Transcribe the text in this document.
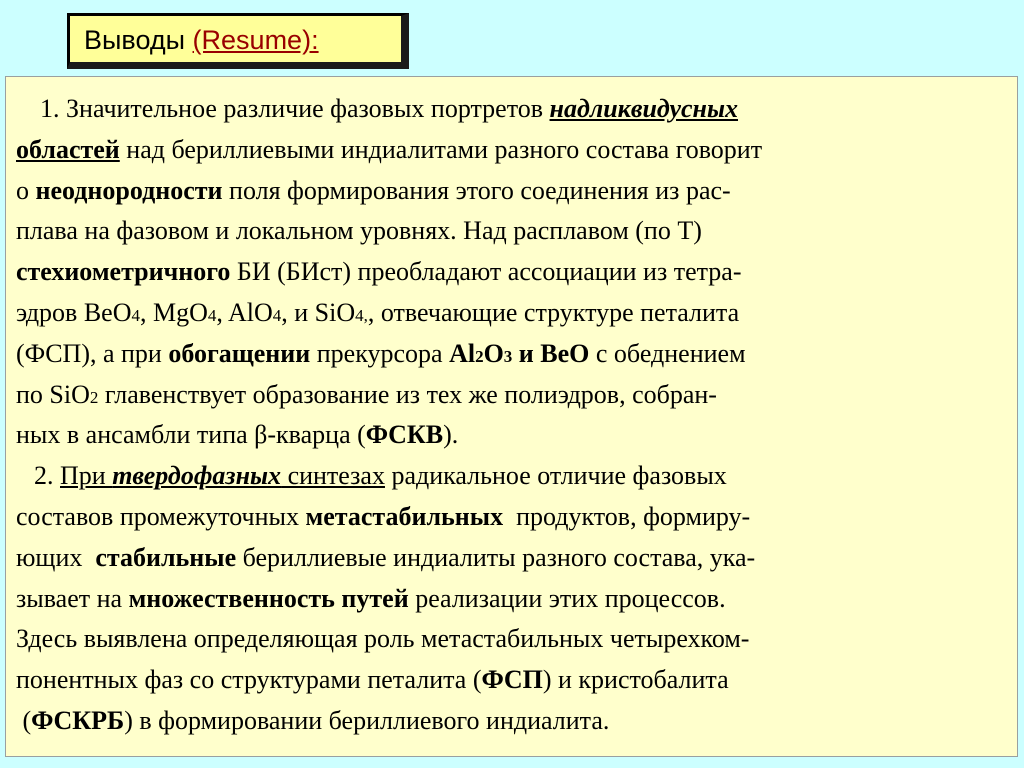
Выводы (Resume):
1. Значительное различие фазовых портретов надликвидусных
областей над бериллиевыми индиалитами разного состава говорит
о неоднородности поля формирования этого соединения из рас-
плава на фазовом и локальном уровнях. Над расплавом (по Т)
стехиометричного БИ (БИст) преобладают ассоциации из тетра-
эдров BeO4, MgO4, AlO4, и SiO4,, отвечающие структуре петалита
(ФСП), а при обогащении прекурсора Al2O3 и BeO с обеднением
по SiO2 главенствует образование из тех же полиэдров, собран-
ных в ансамбли типа β-кварца (ФСКВ).
2. При твердофазных синтезах радикальное отличие фазовых
составов промежуточных метастабильных  продуктов, формиру-
ющих  стабильные бериллиевые индиалиты разного состава, ука-
зывает на множественность путей реализации этих процессов.
Здесь выявлена определяющая роль метастабильных четырехком-
понентных фаз со структурами петалита (ФСП) и кристобалита
(ФСКРБ) в формировании бериллиевого индиалита.
